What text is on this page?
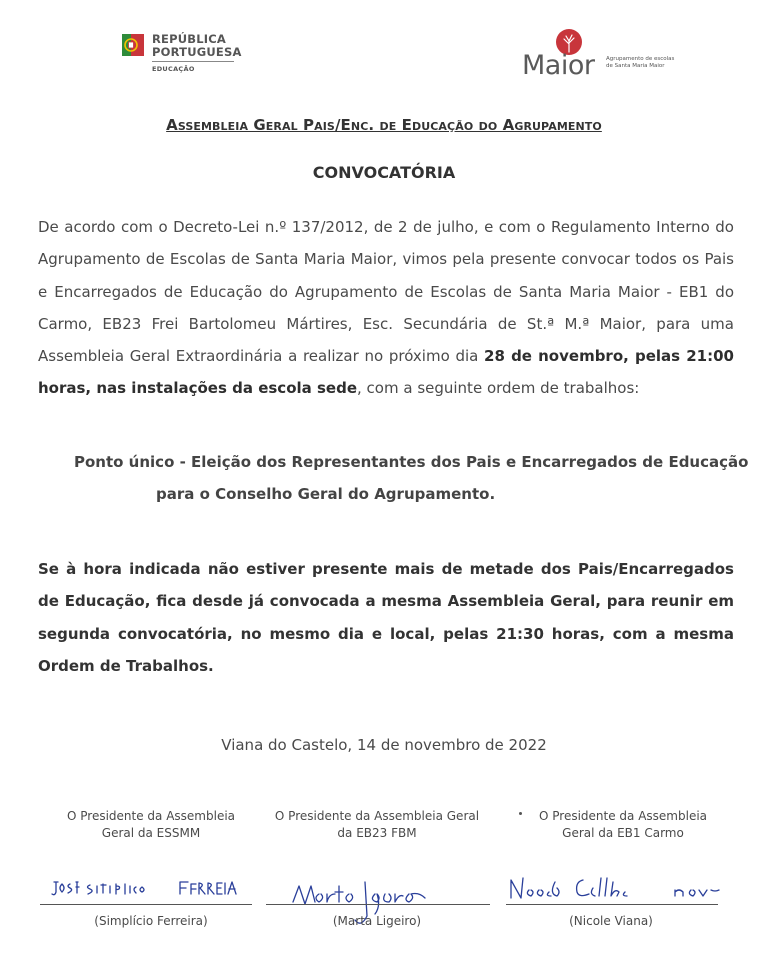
REPÚBLICA
PORTUGUESA
EDUCAÇÃO	Maior Agrupamento de escolas de Santa Maria Maior
Assembleia Geral Pais/Enc. de Educação do Agrupamento
CONVOCATÓRIA
De acordo com o Decreto-Lei n.º 137/2012, de 2 de julho, e com o Regulamento Interno do Agrupamento de Escolas de Santa Maria Maior, vimos pela presente convocar todos os Pais e Encarregados de Educação do Agrupamento de Escolas de Santa Maria Maior - EB1 do Carmo, EB23 Frei Bartolomeu Mártires, Esc. Secundária de St.ª M.ª Maior, para uma Assembleia Geral Extraordinária a realizar no próximo dia 28 de novembro, pelas 21:00 horas, nas instalações da escola sede, com a seguinte ordem de trabalhos:
Ponto único - Eleição dos Representantes dos Pais e Encarregados de Educação
para o Conselho Geral do Agrupamento.
Se à hora indicada não estiver presente mais de metade dos Pais/Encarregados de Educação, fica desde já convocada a mesma Assembleia Geral, para reunir em segunda convocatória, no mesmo dia e local, pelas 21:30 horas, com a mesma Ordem de Trabalhos.
Viana do Castelo, 14 de novembro de 2022
O Presidente da Assembleia
Geral da ESSMM
(Simplício Ferreira)
O Presidente da Assembleia Geral
da EB23 FBM
(Marta Ligeiro)
O Presidente da Assembleia
Geral da EB1 Carmo
(Nicole Viana)
